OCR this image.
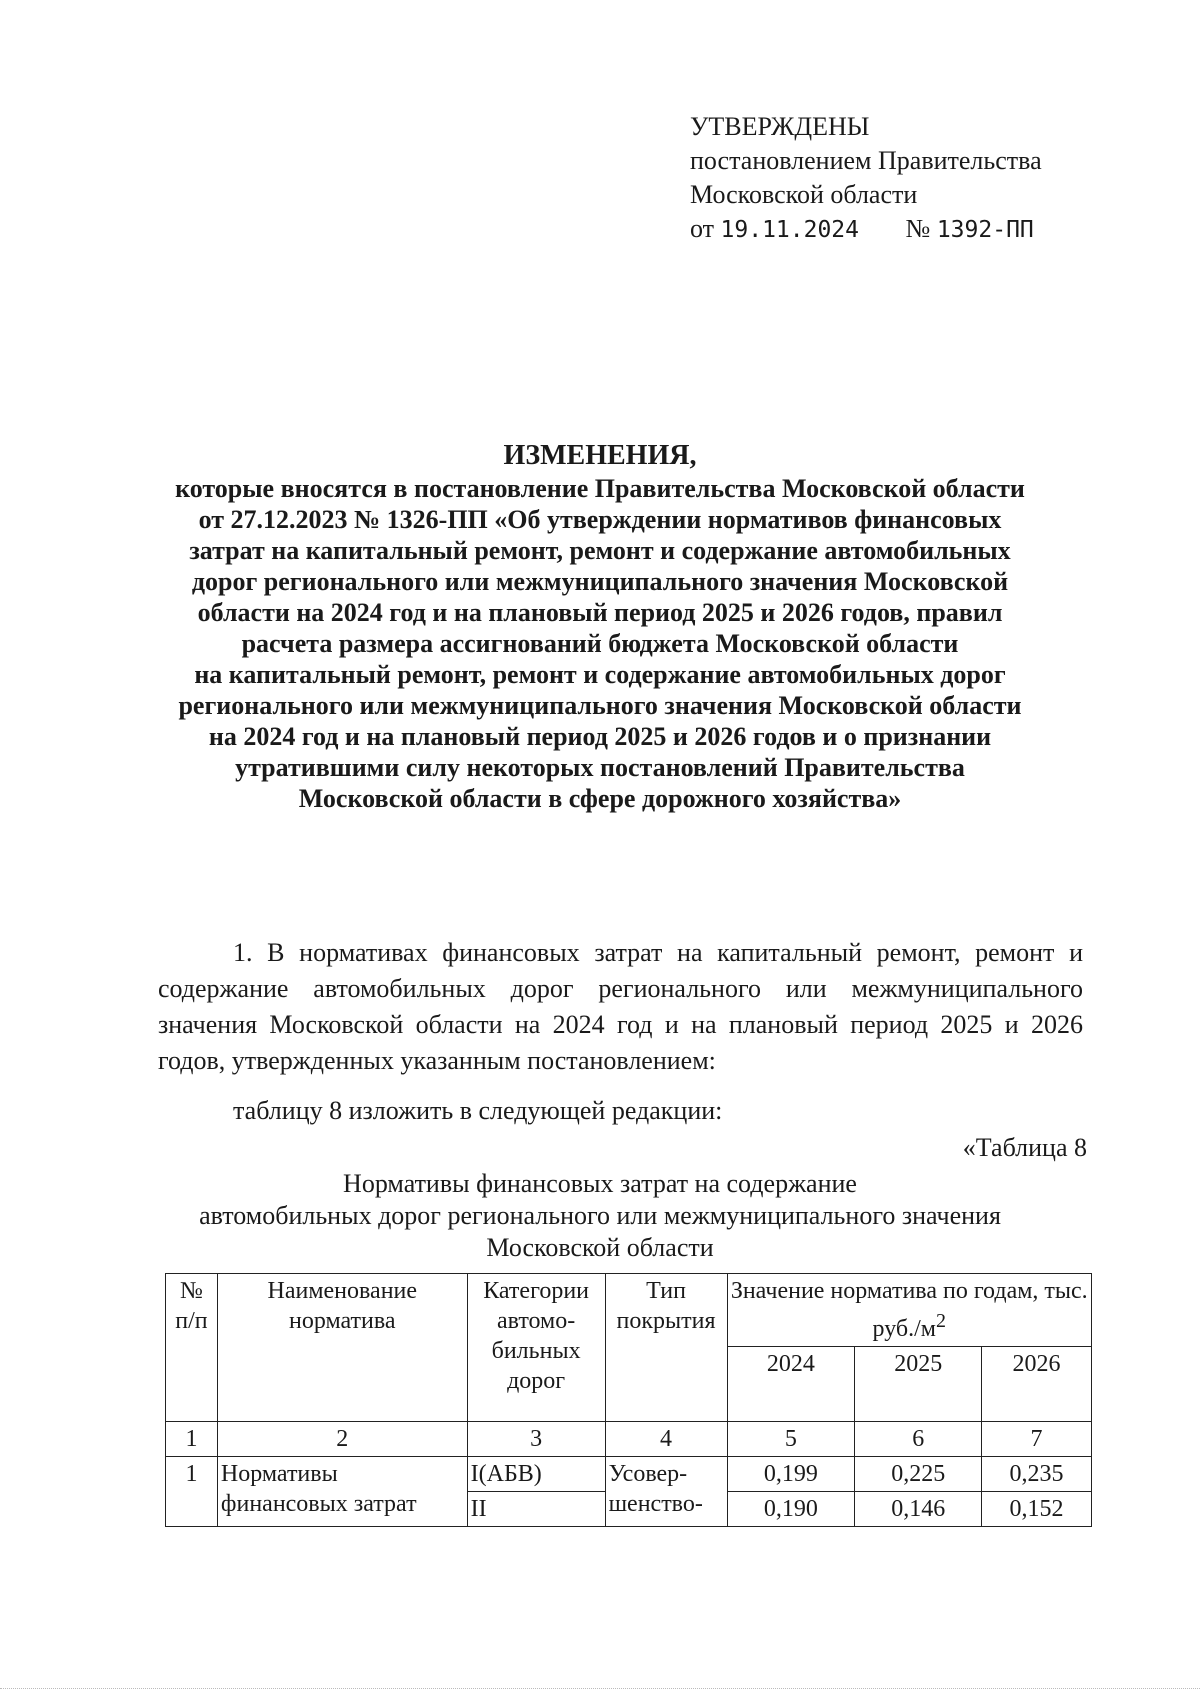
УТВЕРЖДЕНЫ
постановлением Правительства
Московской области
от 19.11.2024 № 1392-ПП
ИЗМЕНЕНИЯ,
которые вносятся в постановление Правительства Московской области
от 27.12.2023 № 1326-ПП «Об утверждении нормативов финансовых
затрат на капитальный ремонт, ремонт и содержание автомобильных
дорог регионального или межмуниципального значения Московской
области на 2024 год и на плановый период 2025 и 2026 годов, правил
расчета размера ассигнований бюджета Московской области
на капитальный ремонт, ремонт и содержание автомобильных дорог
регионального или межмуниципального значения Московской области
на 2024 год и на плановый период 2025 и 2026 годов и о признании
утратившими силу некоторых постановлений Правительства
Московской области в сфере дорожного хозяйства»
1. В нормативах финансовых затрат на капитальный ремонт, ремонт и содержание автомобильных дорог регионального или межмуниципального значения Московской области на 2024 год и на плановый период 2025 и 2026 годов, утвержденных указанным постановлением:
таблицу 8 изложить в следующей редакции:
«Таблица 8
Нормативы финансовых затрат на содержание
автомобильных дорог регионального или межмуниципального значения
Московской области
№ п/п	Наименование норматива	Категории автомо-бильных дорог	Тип покрытия	Значение норматива по годам, тыс. $руб./м^2$
				2024	2025	2026
1	2	3	4	5	6	7
1	Нормативы финансовых затрат	I(АБВ)	Усовер-шенство-	0,199	0,225	0,235
		II		0,190	0,146	0,152
